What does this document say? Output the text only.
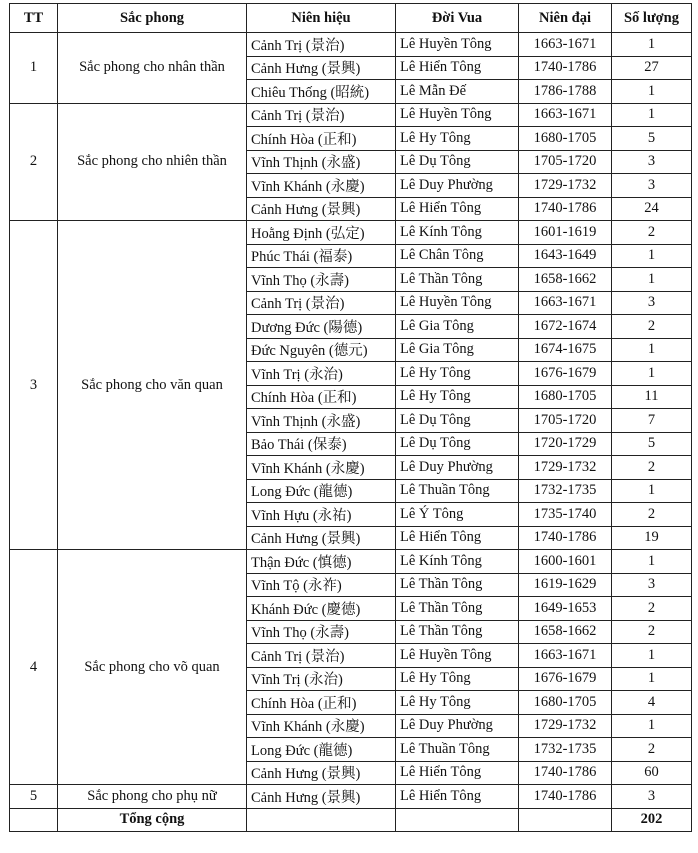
TT	Sắc phong	Niên hiệu	Đời Vua	Niên đại	Số lượng
1	Sắc phong cho nhân thần	Cảnh Trị (景治)	Lê Huyền Tông	1663-1671	1
		Cảnh Hưng (景興)	Lê Hiển Tông	1740-1786	27
		Chiêu Thống (昭統)	Lê Mẫn Đế	1786-1788	1
2	Sắc phong cho nhiên thần	Cảnh Trị (景治)	Lê Huyền Tông	1663-1671	1
		Chính Hòa (正和)	Lê Hy Tông	1680-1705	5
		Vĩnh Thịnh (永盛)	Lê Dụ Tông	1705-1720	3
		Vĩnh Khánh (永慶)	Lê Duy Phường	1729-1732	3
		Cảnh Hưng (景興)	Lê Hiển Tông	1740-1786	24
3	Sắc phong cho văn quan	Hoằng Định (弘定)	Lê Kính Tông	1601-1619	2
		Phúc Thái (福泰)	Lê Chân Tông	1643-1649	1
		Vĩnh Thọ (永壽)	Lê Thần Tông	1658-1662	1
		Cảnh Trị (景治)	Lê Huyền Tông	1663-1671	3
		Dương Đức (陽德)	Lê Gia Tông	1672-1674	2
		Đức Nguyên (德元)	Lê Gia Tông	1674-1675	1
		Vĩnh Trị (永治)	Lê Hy Tông	1676-1679	1
		Chính Hòa (正和)	Lê Hy Tông	1680-1705	11
		Vĩnh Thịnh (永盛)	Lê Dụ Tông	1705-1720	7
		Bảo Thái (保泰)	Lê Dụ Tông	1720-1729	5
		Vĩnh Khánh (永慶)	Lê Duy Phường	1729-1732	2
		Long Đức (龍德)	Lê Thuần Tông	1732-1735	1
		Vĩnh Hựu (永祐)	Lê Ý Tông	1735-1740	2
		Cảnh Hưng (景興)	Lê Hiển Tông	1740-1786	19
4	Sắc phong cho võ quan	Thận Đức (慎德)	Lê Kính Tông	1600-1601	1
		Vĩnh Tộ (永祚)	Lê Thần Tông	1619-1629	3
		Khánh Đức (慶德)	Lê Thần Tông	1649-1653	2
		Vĩnh Thọ (永壽)	Lê Thần Tông	1658-1662	2
		Cảnh Trị (景治)	Lê Huyền Tông	1663-1671	1
		Vĩnh Trị (永治)	Lê Hy Tông	1676-1679	1
		Chính Hòa (正和)	Lê Hy Tông	1680-1705	4
		Vĩnh Khánh (永慶)	Lê Duy Phường	1729-1732	1
		Long Đức (龍德)	Lê Thuần Tông	1732-1735	2
		Cảnh Hưng (景興)	Lê Hiển Tông	1740-1786	60
5	Sắc phong cho phụ nữ	Cảnh Hưng (景興)	Lê Hiển Tông	1740-1786	3
	Tổng cộng				202
